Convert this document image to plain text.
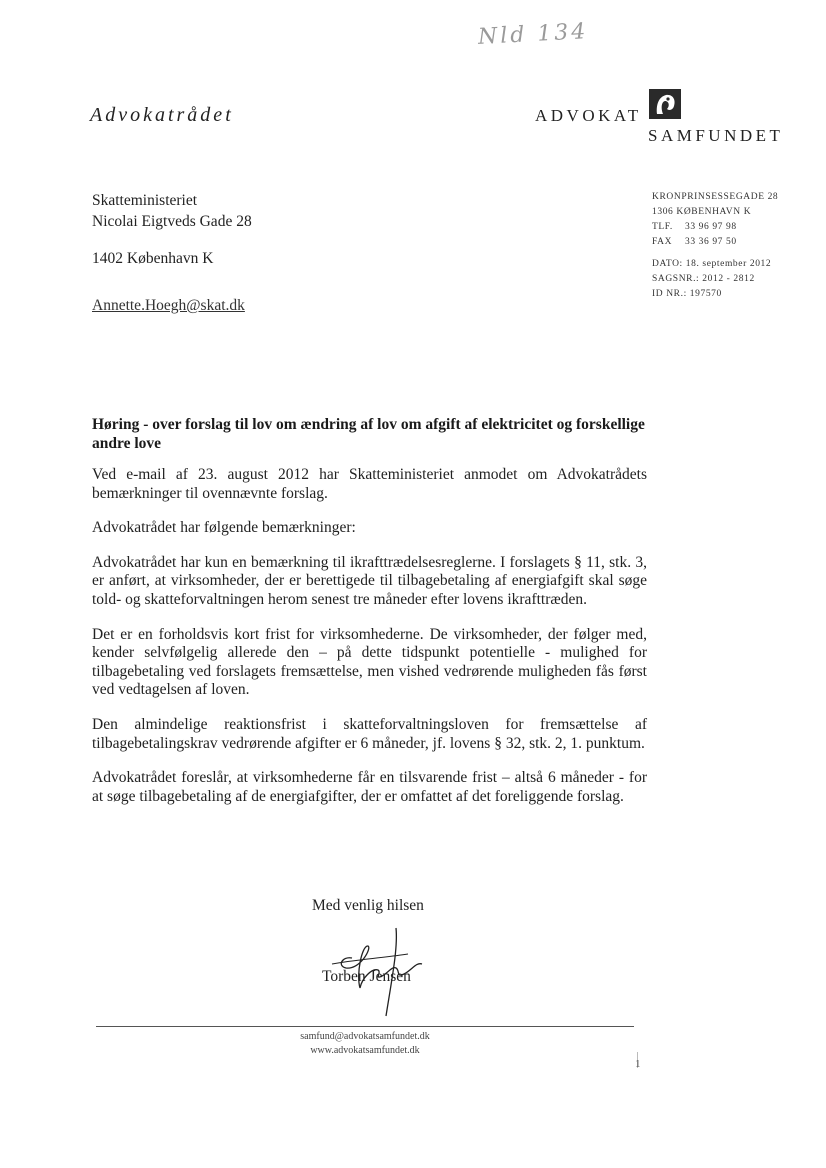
Nld 134
Advokatrådet	ADVOKAT
SAMFUNDET
Skatteministeriet
Nicolai Eigtveds Gade 28
1402 København K
Annette.Hoegh@skat.dk
KRONPRINSESSEGADE 28
1306 KØBENHAVN K
TLF. 33 96 97 98
FAX 33 36 97 50
DATO: 18. september 2012
SAGSNR.: 2012 - 2812
ID NR.: 197570
Høring - over forslag til lov om ændring af lov om afgift af elektricitet og forskellige andre love

Ved e-mail af 23. august 2012 har Skatteministeriet anmodet om Advokatrådets bemærkninger til ovennævnte forslag.

Advokatrådet har følgende bemærkninger:

Advokatrådet har kun en bemærkning til ikrafttrædelsesreglerne. I forslagets § 11, stk. 3, er anført, at virksomheder, der er berettigede til tilbagebetaling af energiafgift skal søge told- og skatteforvaltningen herom senest tre måneder efter lovens ikrafttræden.

Det er en forholdsvis kort frist for virksomhederne. De virksomheder, der følger med, kender selvfølgelig allerede den – på dette tidspunkt potentielle - mulighed for tilbagebetaling ved forslagets fremsættelse, men vished vedrørende muligheden fås først ved vedtagelsen af loven.

Den almindelige reaktionsfrist i skatteforvaltningsloven for fremsættelse af tilbagebetalingskrav vedrørende afgifter er 6 måneder, jf. lovens § 32, stk. 2, 1. punktum.

Advokatrådet foreslår, at virksomhederne får en tilsvarende frist – altså 6 måneder - for at søge tilbagebetaling af de energiafgifter, der er omfattet af det foreliggende forslag.

Med venlig hilsen
Torben Jensen
samfund@advokatsamfundet.dk
www.advokatsamfundet.dk
1
